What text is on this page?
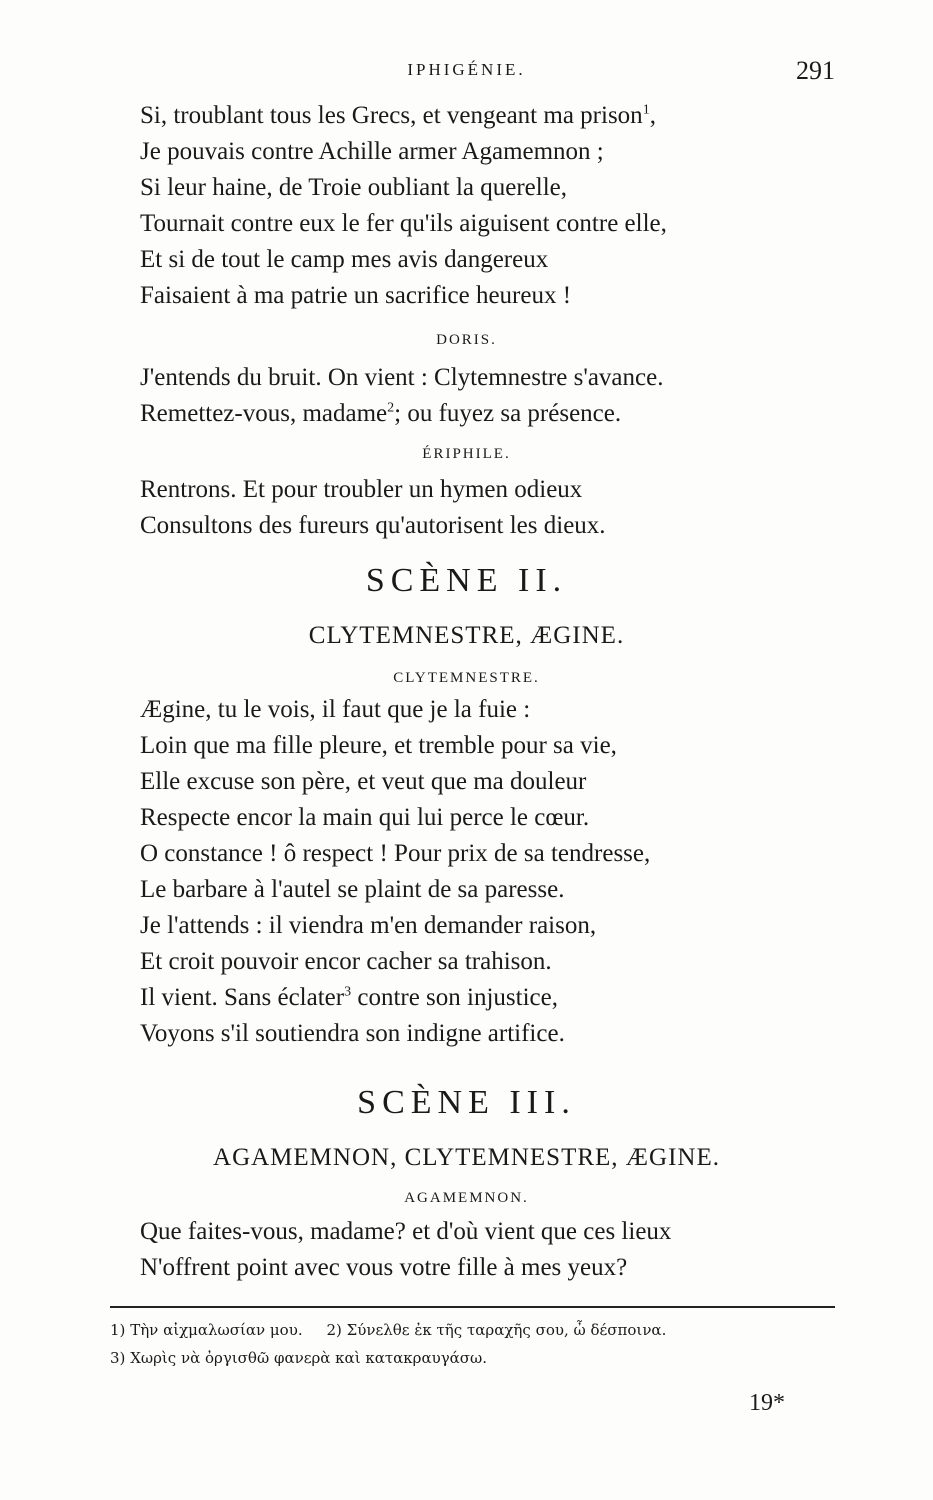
IPHIGÉNIE.	291
Si, troublant tous les Grecs, et vengeant ma prison$^1$,
Je pouvais contre Achille armer Agamemnon ;
Si leur haine, de Troie oubliant la querelle,
Tournait contre eux le fer qu'ils aiguisent contre elle,
Et si de tout le camp mes avis dangereux
Faisaient à ma patrie un sacrifice heureux !
DORIS.
J'entends du bruit. On vient : Clytemnestre s'avance.
Remettez-vous, madame$^2$; ou fuyez sa présence.
ÉRIPHILE.
Rentrons. Et pour troubler un hymen odieux
Consultons des fureurs qu'autorisent les dieux.
SCÈNE II.
CLYTEMNESTRE, ÆGINE.
CLYTEMNESTRE.
Ægine, tu le vois, il faut que je la fuie :
Loin que ma fille pleure, et tremble pour sa vie,
Elle excuse son père, et veut que ma douleur
Respecte encor la main qui lui perce le cœur.
O constance ! ô respect ! Pour prix de sa tendresse,
Le barbare à l'autel se plaint de sa paresse.
Je l'attends : il viendra m'en demander raison,
Et croit pouvoir encor cacher sa trahison.
Il vient. Sans éclater$^3$ contre son injustice,
Voyons s'il soutiendra son indigne artifice.
SCÈNE III.
AGAMEMNON, CLYTEMNESTRE, ÆGINE.
AGAMEMNON.
Que faites-vous, madame? et d'où vient que ces lieux
N'offrent point avec vous votre fille à mes yeux?
1) Τὴν αἰχμαλωσίαν μου. 2) Σύνελθε ἐκ τῆς ταραχῆς σου, ὦ δέσποινα.
3) Χωρὶς νὰ ὀργισθῶ φανερὰ καὶ κατακραυγάσω.
19*
